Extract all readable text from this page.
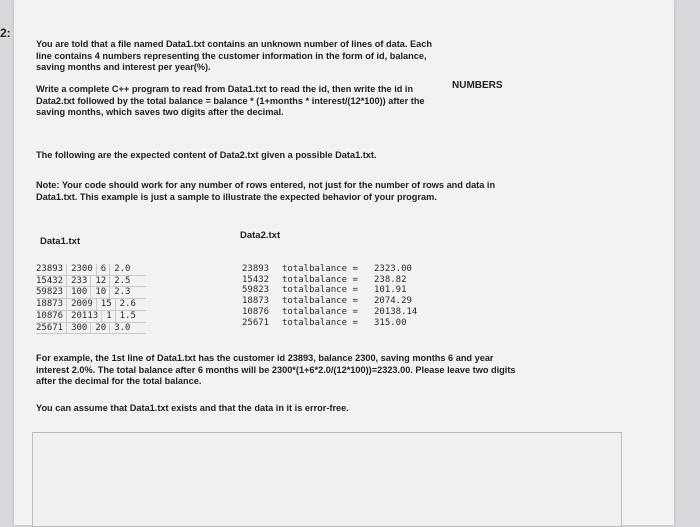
2:

You are told that a file named Data1.txt contains an unknown number of lines of data. Each line contains 4 numbers representing the customer information in the form of id, balance, saving months and interest per year(%).

Write a complete C++ program to read from Data1.txt to read the id, then write the id in Data2.txt followed by the total balance = balance * (1+months * interest/(12*100)) after the saving months, which saves two digits after the decimal.

NUMBERS

The following are the expected content of Data2.txt given a possible Data1.txt.

Note: Your code should work for any number of rows entered, not just for the number of rows and data in Data1.txt. This example is just a sample to illustrate the expected behavior of your program.

Data1.txt
Data2.txt
23893 2300 6 2.0
15432 233 12 2.5
59823 100 10 2.3
18873 2009 15 2.6
10876 20113 1 1.5
25671 300 20 3.0
23893	totalbalance =	2323.00
15432	totalbalance =	238.82
59823	totalbalance =	101.91
18873	totalbalance =	2074.29
10876	totalbalance =	20138.14
25671	totalbalance =	315.00

For example, the 1st line of Data1.txt has the customer id 23893, balance 2300, saving months 6 and year interest 2.0%. The total balance after 6 months will be 2300*(1+6*2.0/(12*100))=2323.00. Please leave two digits after the decimal for the total balance.

You can assume that Data1.txt exists and that the data in it is error-free.
